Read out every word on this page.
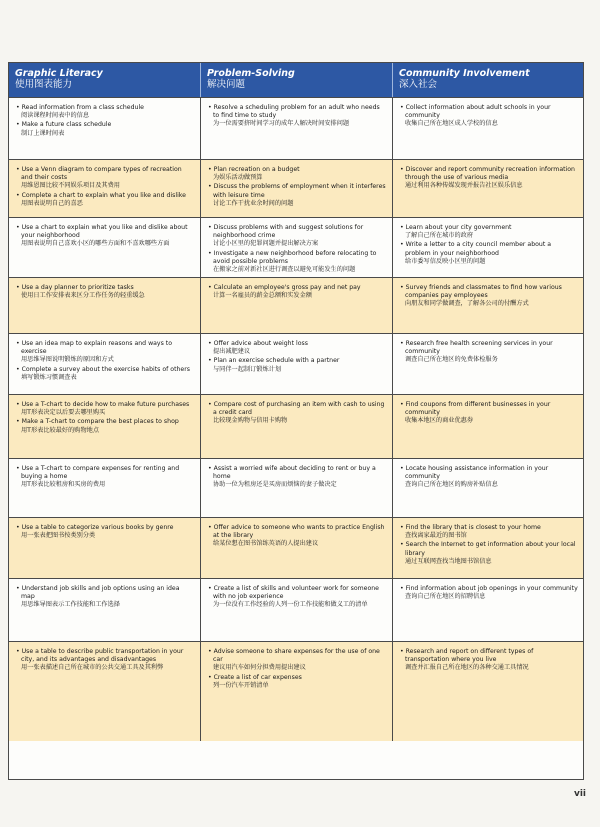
Graphic Literacy
使用图表能力
Problem-Solving
解决问题
Community Involvement
深入社会
• Read information from a class schedule
阅读课程时间表中的信息
• Make a future class schedule
制订上课时间表
• Resolve a scheduling problem for an adult who needs to find time to study
为一位需要挤时间学习的成年人解决时间安排问题
• Collect information about adult schools in your community
收集自己所在地区成人学校的信息
• Use a Venn diagram to compare types of recreation and their costs
用维恩图比较不同娱乐项目及其费用
• Complete a chart to explain what you like and dislike
用图表说明自己的喜恶
• Plan recreation on a budget
为娱乐活动做预算
• Discuss the problems of employment when it interferes with leisure time
讨论工作干扰业余时间的问题
• Discover and report community recreation information through the use of various media
通过利用各种传媒发现并报告社区娱乐信息
• Use a chart to explain what you like and dislike about your neighborhood
用图表说明自己喜欢小区的哪些方面和不喜欢哪些方面
• Discuss problems with and suggest solutions for neighborhood crime
讨论小区里的犯罪问题并提出解决方案
• Investigate a new neighborhood before relocating to avoid possible problems
在搬家之前对新社区进行调查以避免可能发生的问题
• Learn about your city government
了解自己所在城市的政府
• Write a letter to a city council member about a problem in your neighborhood
给市委写信反映小区里的问题
• Use a day planner to prioritize tasks
使用日工作安排表来区分工作任务的轻重缓急
• Calculate an employee's gross pay and net pay
计算一名雇员的薪金总额和实发金额
• Survey friends and classmates to find how various companies pay employees
向朋友和同学做调查，了解各公司的付酬方式
• Use an idea map to explain reasons and ways to exercise
用思维导图说明锻炼的原因和方式
• Complete a survey about the exercise habits of others
填写锻炼习惯调查表
• Offer advice about weight loss
提出减肥建议
• Plan an exercise schedule with a partner
与同伴一起制订锻炼计划
• Research free health screening services in your community
调查自己所在地区的免费体检服务
• Use a T-chart to decide how to make future purchases
用T形表决定以后要去哪里购买
• Make a T-chart to compare the best places to shop
用T形表比较最好的购物地点
• Compare cost of purchasing an item with cash to using a credit card
比较现金购物与信用卡购物
• Find coupons from different businesses in your community
收集本地区的商业优惠券
• Use a T-chart to compare expenses for renting and buying a home
用T形表比较租房和买房的费用
• Assist a worried wife about deciding to rent or buy a home
协助一位为租房还是买房而烦恼的妻子做决定
• Locate housing assistance information in your community
查询自己所在地区的购房补贴信息
• Use a table to categorize various books by genre
用一张表把图书按类别分类
• Offer advice to someone who wants to practice English at the library
给某位想在图书馆练英语的人提出建议
• Find the library that is closest to your home
查找离家最近的图书馆
• Search the Internet to get information about your local library
通过互联网查找当地图书馆信息
• Understand job skills and job options using an idea map
用思维导图表示工作技能和工作选择
• Create a list of skills and volunteer work for someone with no job experience
为一位没有工作经验的人列一份工作技能和做义工的清单
• Find information about job openings in your community
查询自己所在地区的招聘信息
• Use a table to describe public transportation in your city, and its advantages and disadvantages
用一张表描述自己所在城市的公共交通工具及其利弊
• Advise someone to share expenses for the use of one car
建议用汽车如何分担费用提出建议
• Create a list of car expenses
列一份汽车开销清单
• Research and report on different types of transportation where you live
调查并汇报自己所在地区的各种交通工具情况
vii
